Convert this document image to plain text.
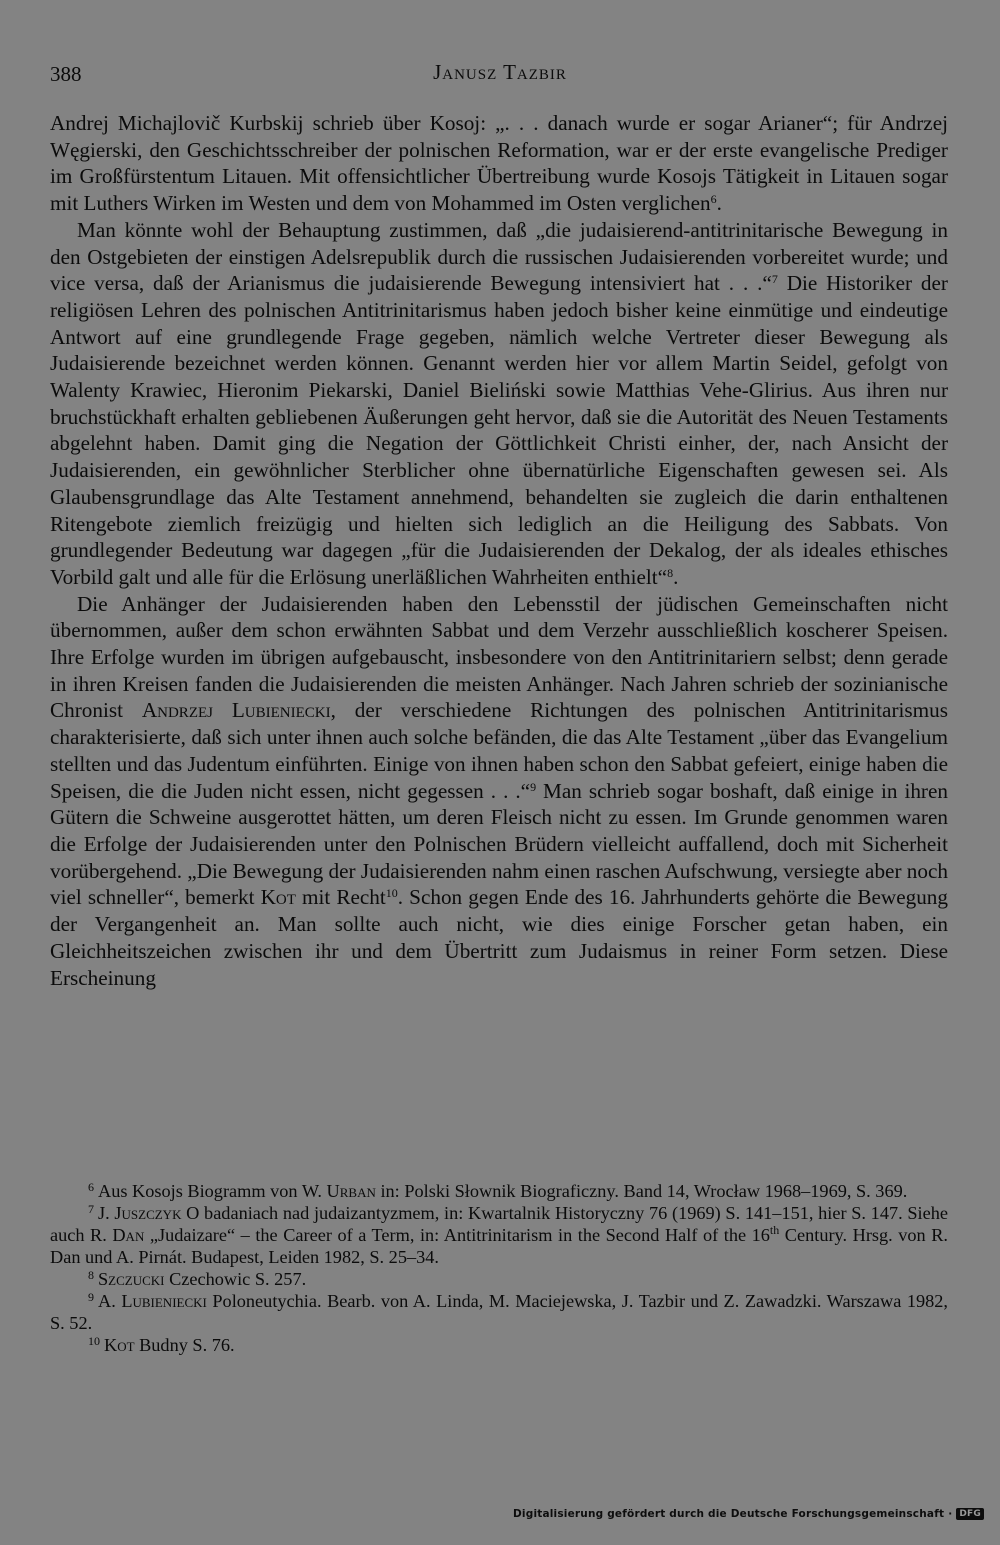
388	Janusz Tazbir

Andrej Michajlovič Kurbskij schrieb über Kosoj: „. . . danach wurde er sogar Arianer“; für Andrzej Węgierski, den Geschichtsschreiber der polnischen Reformation, war er der erste evangelische Prediger im Großfürstentum Litauen. Mit offensichtlicher Übertreibung wurde Kosojs Tätigkeit in Litauen sogar mit Luthers Wirken im Westen und dem von Mohammed im Osten verglichen$^6$.

Man könnte wohl der Behauptung zustimmen, daß „die judaisierend-antitrinitarische Bewegung in den Ostgebieten der einstigen Adelsrepublik durch die russischen Judaisierenden vorbereitet wurde; und vice versa, daß der Arianismus die judaisierende Bewegung intensiviert hat . . .“$^7$ Die Historiker der religiösen Lehren des polnischen Antitrinitarismus haben jedoch bisher keine einmütige und eindeutige Antwort auf eine grundlegende Frage gegeben, nämlich welche Vertreter dieser Bewegung als Judaisierende bezeichnet werden können. Genannt werden hier vor allem Martin Seidel, gefolgt von Walenty Krawiec, Hieronim Piekarski, Daniel Bieliński sowie Matthias Vehe-Glirius. Aus ihren nur bruchstückhaft erhalten gebliebenen Äußerungen geht hervor, daß sie die Autorität des Neuen Testaments abgelehnt haben. Damit ging die Negation der Göttlichkeit Christi einher, der, nach Ansicht der Judaisierenden, ein gewöhnlicher Sterblicher ohne übernatürliche Eigenschaften gewesen sei. Als Glaubensgrundlage das Alte Testament annehmend, behandelten sie zugleich die darin enthaltenen Ritengebote ziemlich freizügig und hielten sich lediglich an die Heiligung des Sabbats. Von grundlegender Bedeutung war dagegen „für die Judaisierenden der Dekalog, der als ideales ethisches Vorbild galt und alle für die Erlösung unerläßlichen Wahrheiten enthielt“$^8$.

Die Anhänger der Judaisierenden haben den Lebensstil der jüdischen Gemeinschaften nicht übernommen, außer dem schon erwähnten Sabbat und dem Verzehr ausschließlich koscherer Speisen. Ihre Erfolge wurden im übrigen aufgebauscht, insbesondere von den Antitrinitariern selbst; denn gerade in ihren Kreisen fanden die Judaisierenden die meisten Anhänger. Nach Jahren schrieb der sozinianische Chronist Andrzej Lubieniecki, der verschiedene Richtungen des polnischen Antitrinitarismus charakterisierte, daß sich unter ihnen auch solche befänden, die das Alte Testament „über das Evangelium stellten und das Judentum einführten. Einige von ihnen haben schon den Sabbat gefeiert, einige haben die Speisen, die die Juden nicht essen, nicht gegessen . . .“$^9$ Man schrieb sogar boshaft, daß einige in ihren Gütern die Schweine ausgerottet hätten, um deren Fleisch nicht zu essen. Im Grunde genommen waren die Erfolge der Judaisierenden unter den Polnischen Brüdern vielleicht auffallend, doch mit Sicherheit vorübergehend. „Die Bewegung der Judaisierenden nahm einen raschen Aufschwung, versiegte aber noch viel schneller“, bemerkt Kot mit Recht$^{10}$. Schon gegen Ende des 16. Jahrhunderts gehörte die Bewegung der Vergangenheit an. Man sollte auch nicht, wie dies einige Forscher getan haben, ein Gleichheitszeichen zwischen ihr und dem Übertritt zum Judaismus in reiner Form setzen. Diese Erscheinung

$^6$ Aus Kosojs Biogramm von W. Urban in: Polski Słownik Biograficzny. Band 14, Wrocław 1968–1969, S. 369.

$^7$ J. Juszczyk O badaniach nad judaizantyzmem, in: Kwartalnik Historyczny 76 (1969) S. 141–151, hier S. 147. Siehe auch R. Dan „Judaizare“ – the Career of a Term, in: Antitrinitarism in the Second Half of the 16th Century. Hrsg. von R. Dan und A. Pirnát. Budapest, Leiden 1982, S. 25–34.

$^8$ Szczucki Czechowic S. 257.

$^9$ A. Lubieniecki Poloneutychia. Bearb. von A. Linda, M. Maciejewska, J. Tazbir und Z. Zawadzki. Warszawa 1982, S. 52.

$^{10}$ Kot Budny S. 76.

Digitalisierung gefördert durch die Deutsche Forschungsgemeinschaft · DFG
